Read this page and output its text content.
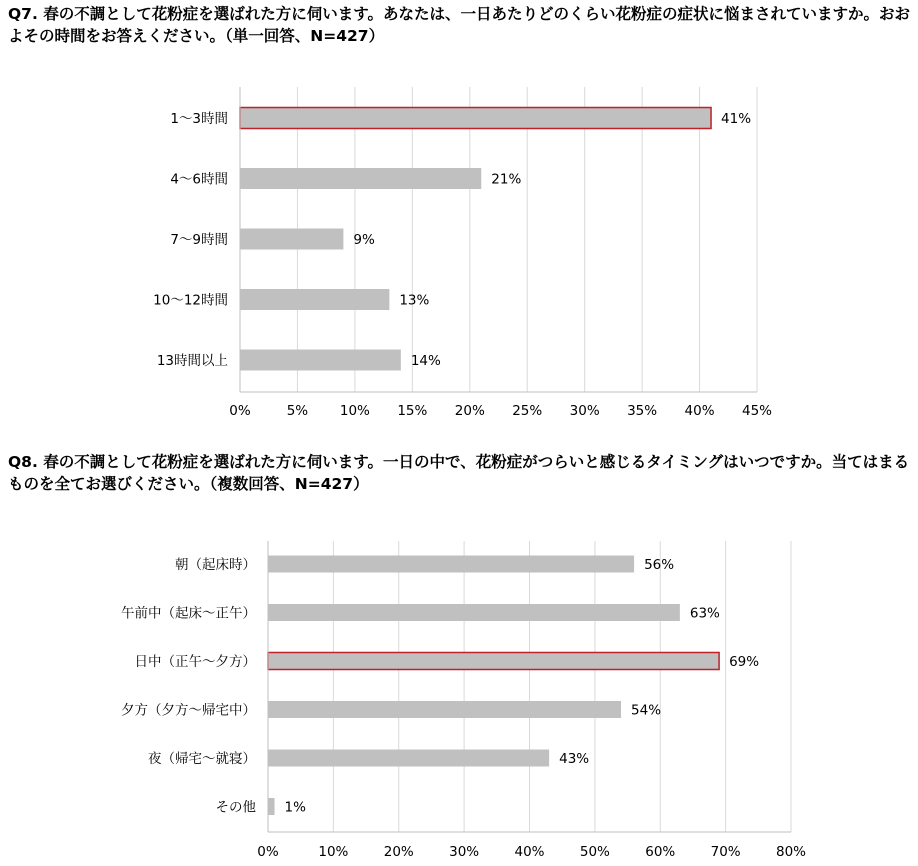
Q7. 春の不調として花粉症を選ばれた方に伺います。あなたは、一日あたりどのくらい花粉症の症状に悩まされていますか。おおよその時間をお答えください。（単一回答、N=427）

Q8. 春の不調として花粉症を選ばれた方に伺います。一日の中で、花粉症がつらいと感じるタイミングはいつですか。当てはまるものを全てお選びください。（複数回答、N=427）

0%	5% 10% 15% 20% 25% 30% 35% 40% 45%
1〜3時間	41%
4〜6時間	21%
7〜9時間	9%
10〜12時間	13%
13時間以上	14%
0%	10%	20%	30%	40%	50%	60%	70%	80%
朝（起床時）	56%
午前中（起床〜正午）	63%
日中（正午〜夕方）	69%
夕方（夕方〜帰宅中）	54%
夜（帰宅〜就寝）	43%
その他 1%
